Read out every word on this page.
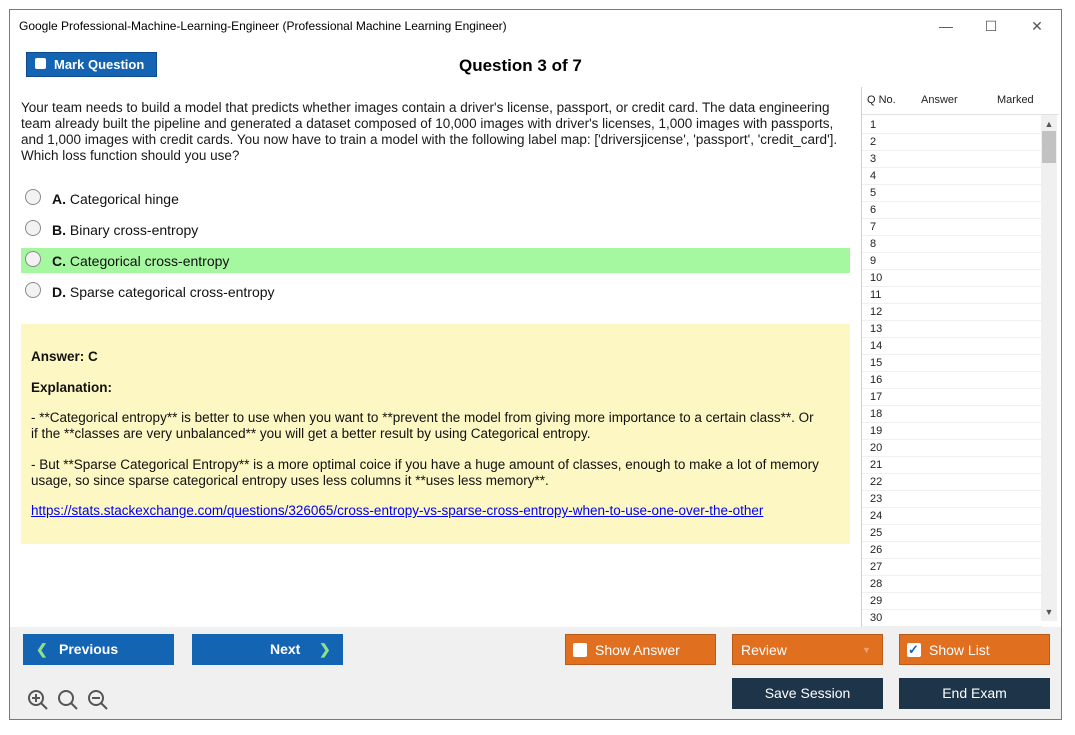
Google Professional-Machine-Learning-Engineer (Professional Machine Learning Engineer)	—	☐	✕
Mark Question	Question 3 of 7

Your team needs to build a model that predicts whether images contain a driver's license, passport, or credit card. The data engineering team already built the pipeline and generated a dataset composed of 10,000 images with driver's licenses, 1,000 images with passports, and 1,000 images with credit cards. You now have to train a model with the following label map: ['driversjicense', 'passport', 'credit_card']. Which loss function should you use?

A. Categorical hinge
B. Binary cross-entropy
C. Categorical cross-entropy
D. Sparse categorical cross-entropy
Answer: C
Explanation:

- **Categorical entropy** is better to use when you want to **prevent the model from giving more importance to a certain class**. Or if the **classes are very unbalanced** you will get a better result by using Categorical entropy.

- But **Sparse Categorical Entropy** is a more optimal coice if you have a huge amount of classes, enough to make a lot of memory usage, so since sparse categorical entropy uses less columns it **uses less memory**.

https://stats.stackexchange.com/questions/326065/cross-entropy-vs-sparse-cross-entropy-when-to-use-one-over-the-other
Q No. Answer	Marked
1
2
3
4
5
6
7
8
9
10
11
12
13
14
15
16
17
18
19
20
21
22
23
24
25
26
27
28
29
30
▲
▼
❮ Previous	Next ❯	Show Answer	Review	▼
✓	Show List
Save Session	End Exam
